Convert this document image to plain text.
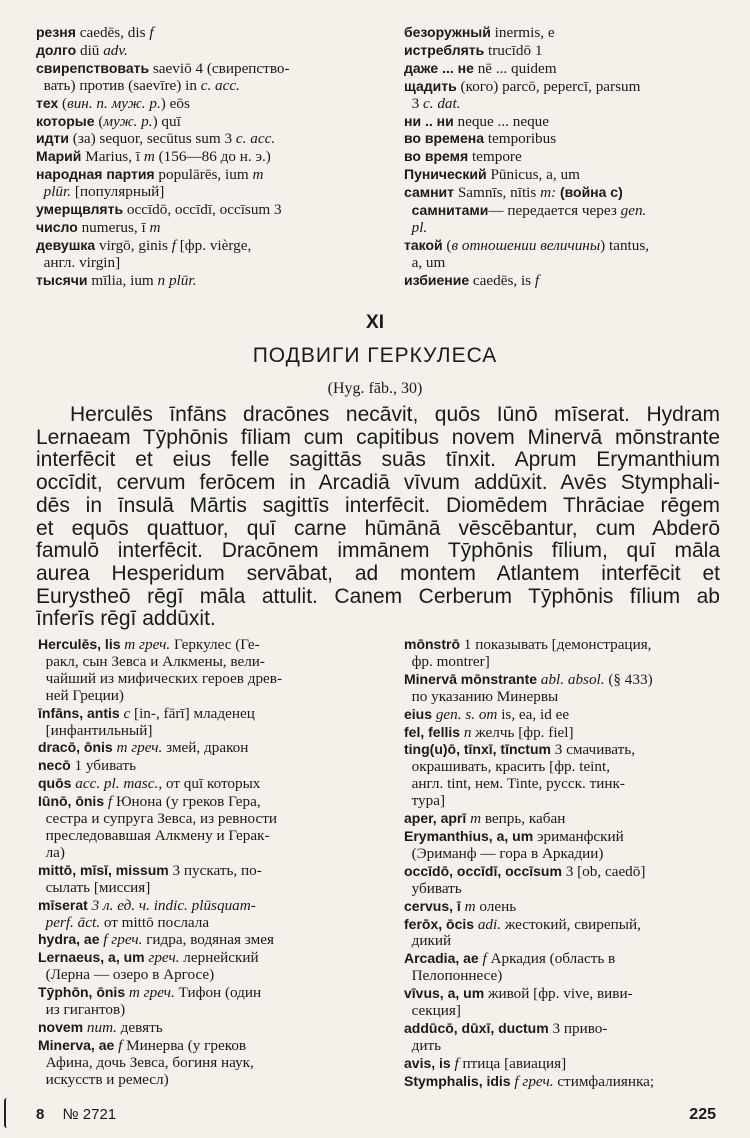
резня caedēs, dis f
долго diū adv.
свирепствовать saeviō 4 (свирепство-
вать) против (saevīre) in c. acc.
тех (вин. п. муж. р.) eōs
которые (муж. р.) quī
идти (за) sequor, secūtus sum 3 c. acc.
Марий Marius, ī m (156—86 до н. э.)
народная партия populārēs, ium m
plūr. [популярный]
умерщвлять occīdō, occīdī, occīsum 3
число numerus, ī m
девушка virgō, ginis f [фр. vièrge,
англ. virgin]
тысячи mīlia, ium n plūr.
безоружный inermis, e
истреблять trucīdō 1
даже ... не nē ... quidem
щадить (кого) parcō, pepercī, parsum
3 c. dat.
ни .. ни neque ... neque
во времена temporibus
во время tempore
Пунический Pūnicus, a, um
самнит Samnīs, nītis m: (война с)
самнитами— передается через gen.
pl.
такой (в отношении величины) tantus,
a, um
избиение caedēs, is f
XI
ПОДВИГИ ГЕРКУЛЕСА
(Hyg. fāb., 30)
Herculēs īnfāns dracōnes necāvit, quōs Iūnō mīserat. Hydram
Lernaeam Tȳphōnis fīliam cum capitibus novem Minervā mōnstrante
interfēcit et eius felle sagittās suās tīnxit. Aprum Erymanthium
occīdit, cervum ferōcem in Arcadiā vīvum addūxit. Avēs Stymphali-
dēs in īnsulā Mārtis sagittīs interfēcit. Diomēdem Thrāciae rēgem
et equōs quattuor, quī carne hūmānā vēscēbantur, cum Abderō
famulō interfēcit. Dracōnem immānem Tȳphōnis fīlium, quī māla
aurea Hesperidum servābat, ad montem Atlantem interfēcit et
Eurystheō rēgī māla attulit. Canem Cerberum Tȳphōnis fīlium ab
īnferīs rēgī addūxit.
Herculēs, lis m греч. Геркулес (Ге-
ракл, сын Зевса и Алкмены, вели-
чайший из мифических героев древ-
ней Греции)
īnfāns, antis c [in-, fārī] младенец
[инфантильный]
dracō, ōnis m греч. змей, дракон
necō 1 убивать
quōs acc. pl. masc., от quī которых
Iūnō, ōnis f Юнона (у греков Гера,
сестра и супруга Зевса, из ревности
преследовавшая Алкмену и Герак-
ла)
mittō, mīsī, missum 3 пускать, по-
сылать [миссия]
mīserat 3 л. ед. ч. indic. plūsquam-
perf. āct. от mittō послала
hydra, ae f греч. гидра, водяная змея
Lernaeus, a, um греч. лернейский
(Лерна — озеро в Аргосе)
Tȳphōn, ōnis m греч. Тифон (один
из гигантов)
novem num. девять
Minerva, ae f Минерва (у греков
Афина, дочь Зевса, богиня наук,
искусств и ремесл)
mōnstrō 1 показывать [демонстрация,
фр. montrer]
Minervā mōnstrante abl. absol. (§ 433)
по указанию Минервы
eius gen. s. om is, ea, id ee
fel, fellis n желчь [фр. fiel]
ting(u)ō, tīnxī, tīnctum 3 смачивать,
окрашивать, красить [фр. teint,
англ. tint, нем. Tinte, русск. тинк-
тура]
aper, aprī m вепрь, кабан
Erymanthius, a, um эриманфский
(Эриманф — гора в Аркадии)
occīdō, occīdī, occīsum 3 [ob, caedō]
убивать
cervus, ī m олень
ferōx, ōcis adi. жестокий, свирепый,
дикий
Arcadia, ae f Аркадия (область в
Пелопоннесе)
vīvus, a, um живой [фр. vive, виви-
секция]
addūcō, dūxī, ductum 3 приво-
дить
avis, is f птица [авиация]
Stymphalis, idis f греч. стимфалиянка;
8 № 2721	225
